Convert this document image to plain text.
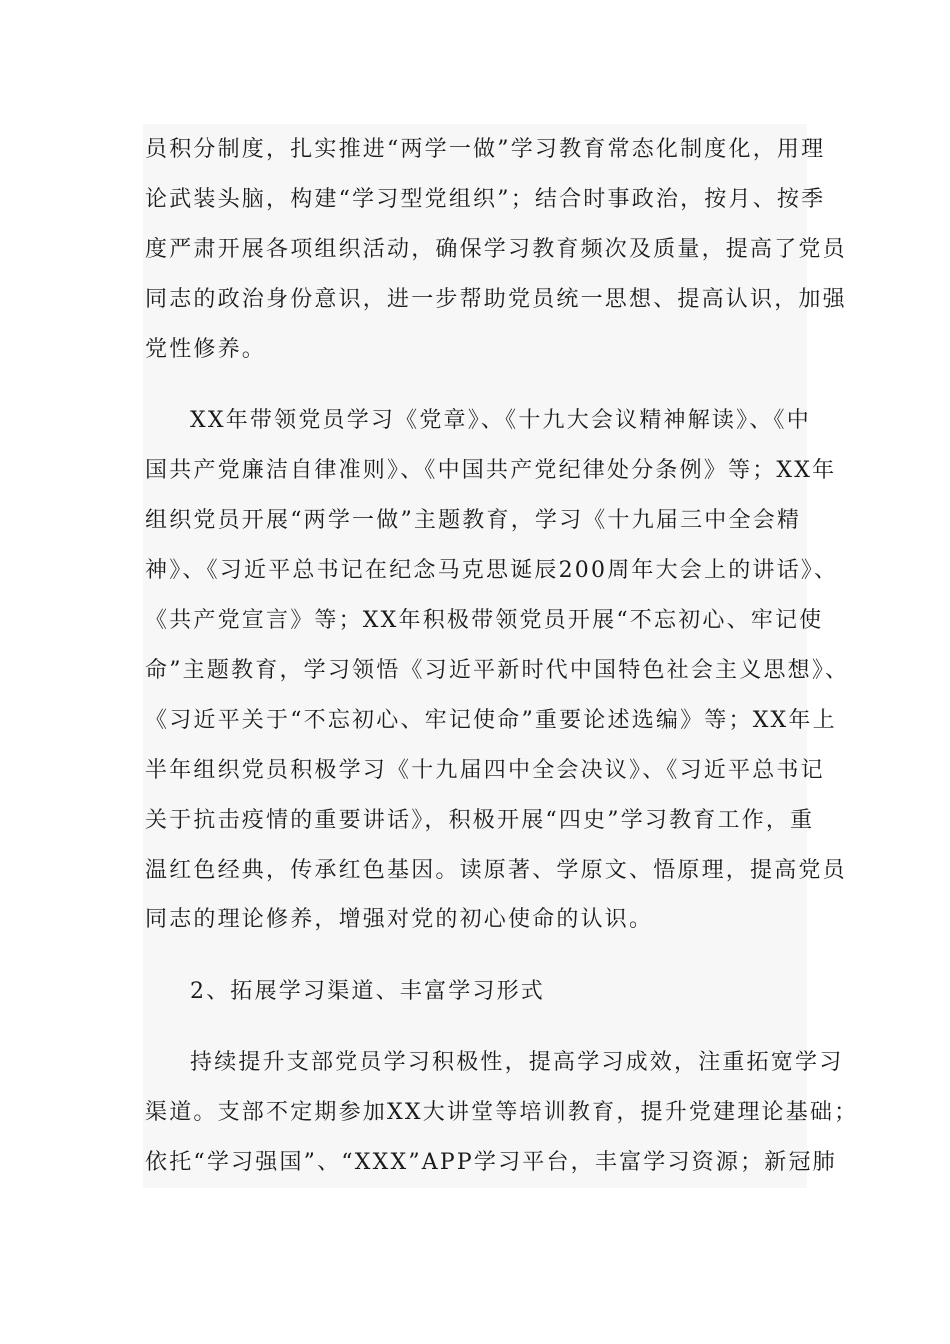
员积分制度，扎实推进“两学一做”学习教育常态化制度化，用理
论武装头脑，构建“学习型党组织”；结合时事政治，按月、按季
度严肃开展各项组织活动，确保学习教育频次及质量，提高了党员
同志的政治身份意识，进一步帮助党员统一思想、提高认识，加强
党性修养。
XX年带领党员学习《党章》、《十九大会议精神解读》、《中
国共产党廉洁自律准则》、《中国共产党纪律处分条例》等；XX年
组织党员开展“两学一做”主题教育，学习《十九届三中全会精
神》、《习近平总书记在纪念马克思诞辰200周年大会上的讲话》、
《共产党宣言》等；XX年积极带领党员开展“不忘初心、牢记使
命”主题教育，学习领悟《习近平新时代中国特色社会主义思想》、
《习近平关于“不忘初心、牢记使命”重要论述选编》等；XX年上
半年组织党员积极学习《十九届四中全会决议》、《习近平总书记
关于抗击疫情的重要讲话》，积极开展“四史”学习教育工作，重
温红色经典，传承红色基因。读原著、学原文、悟原理，提高党员
同志的理论修养，增强对党的初心使命的认识。
2、拓展学习渠道、丰富学习形式
持续提升支部党员学习积极性，提高学习成效，注重拓宽学习
渠道。支部不定期参加XX大讲堂等培训教育，提升党建理论基础；
依托“学习强国”、“XXX”APP学习平台，丰富学习资源；新冠肺
